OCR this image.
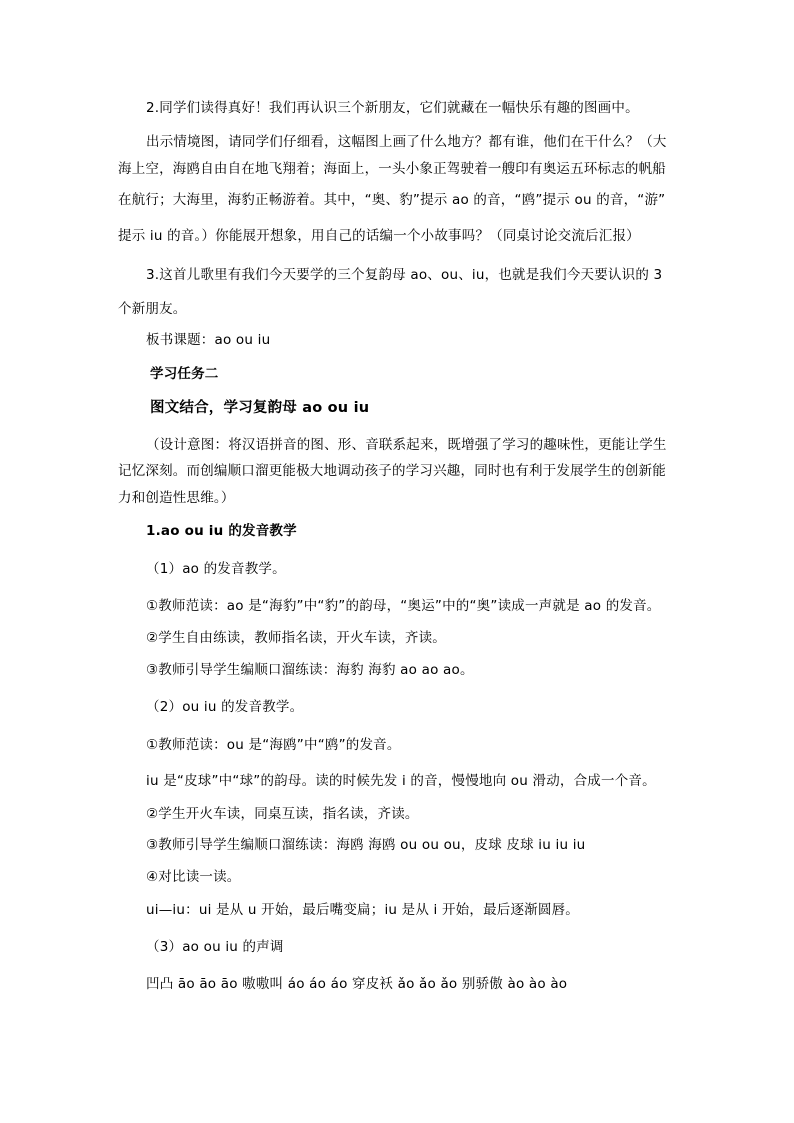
2.同学们读得真好！我们再认识三个新朋友，它们就藏在一幅快乐有趣的图画中。

出示情境图，请同学们仔细看，这幅图上画了什么地方？都有谁，他们在干什么？（大

海上空，海鸥自由自在地飞翔着；海面上，一头小象正驾驶着一艘印有奥运五环标志的帆船

在航行；大海里，海豹正畅游着。其中，“奥、豹”提示 ao 的音，“鸥”提示 ou 的音，“游”

提示 iu 的音。）你能展开想象，用自己的话编一个小故事吗？（同桌讨论交流后汇报）

3.这首儿歌里有我们今天要学的三个复韵母 ao、ou、iu，也就是我们今天要认识的 3

个新朋友。

板书课题：ao ou iu

学习任务二

图文结合，学习复韵母 ao ou iu

（设计意图：将汉语拼音的图、形、音联系起来，既增强了学习的趣味性，更能让学生

记忆深刻。而创编顺口溜更能极大地调动孩子的学习兴趣，同时也有利于发展学生的创新能

力和创造性思维。）

1.ao ou iu 的发音教学

（1）ao 的发音教学。

①教师范读：ao 是“海豹”中“豹”的韵母，“奥运”中的“奥”读成一声就是 ao 的发音。

②学生自由练读，教师指名读，开火车读，齐读。

③教师引导学生编顺口溜练读：海豹 海豹 ao ao ao。

（2）ou iu 的发音教学。

①教师范读：ou 是“海鸥”中“鸥”的发音。

iu 是“皮球”中“球”的韵母。读的时候先发 i 的音，慢慢地向 ou 滑动，合成一个音。

②学生开火车读，同桌互读，指名读，齐读。

③教师引导学生编顺口溜练读：海鸥 海鸥 ou ou ou，皮球 皮球 iu iu iu

④对比读一读。

ui—iu：ui 是从 u 开始，最后嘴变扁；iu 是从 i 开始，最后逐渐圆唇。

（3）ao ou iu 的声调

凹凸 āo āo āo 嗷嗷叫 áo áo áo 穿皮袄 ǎo ǎo ǎo 别骄傲 ào ào ào
